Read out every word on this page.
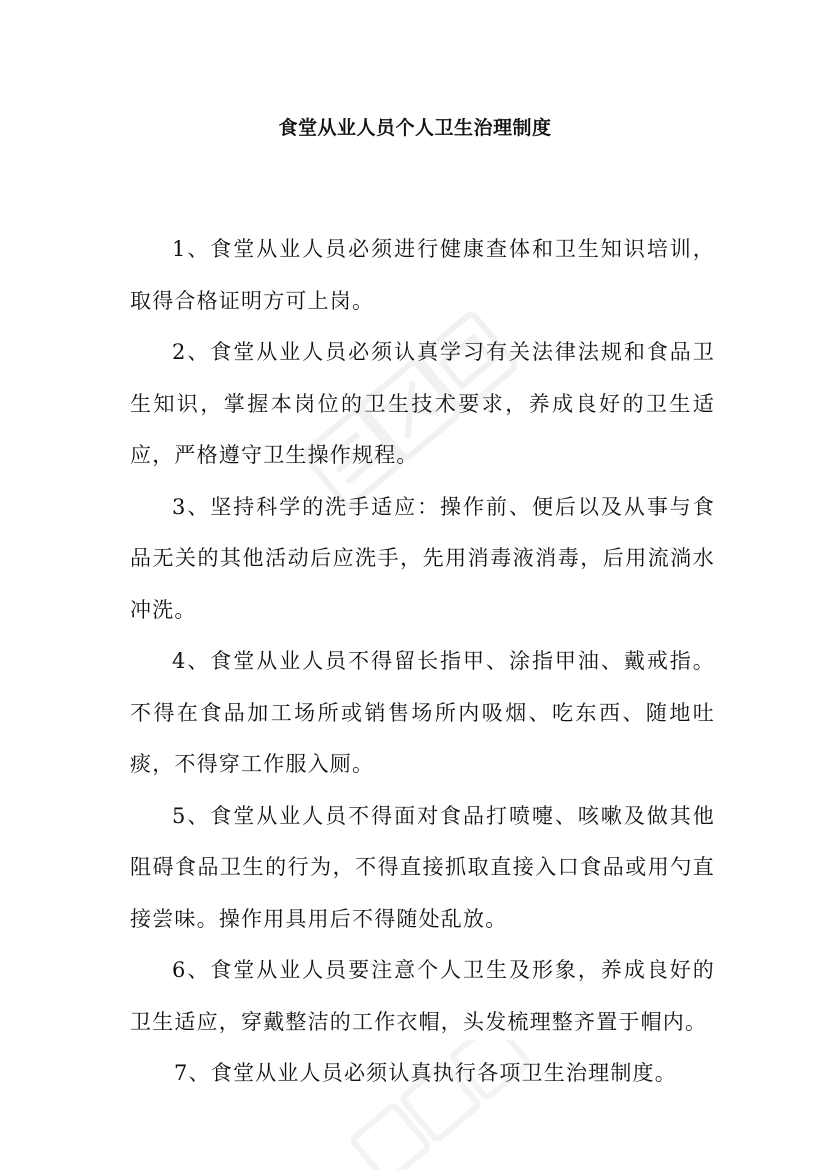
食堂从业人员个人卫生治理制度

1、食堂从业人员必须进行健康查体和卫生知识培训，取得合格证明方可上岗。

2、食堂从业人员必须认真学习有关法律法规和食品卫生知识，掌握本岗位的卫生技术要求，养成良好的卫生适应，严格遵守卫生操作规程。

3、坚持科学的洗手适应：操作前、便后以及从事与食品无关的其他活动后应洗手，先用消毒液消毒，后用流淌水冲洗。

4、食堂从业人员不得留长指甲、涂指甲油、戴戒指。不得在食品加工场所或销售场所内吸烟、吃东西、随地吐痰，不得穿工作服入厕。

5、食堂从业人员不得面对食品打喷嚏、咳嗽及做其他阻碍食品卫生的行为，不得直接抓取直接入口食品或用勺直接尝味。操作用具用后不得随处乱放。

6、食堂从业人员要注意个人卫生及形象，养成良好的卫生适应，穿戴整洁的工作衣帽，头发梳理整齐置于帽内。

7、食堂从业人员必须认真执行各项卫生治理制度。
